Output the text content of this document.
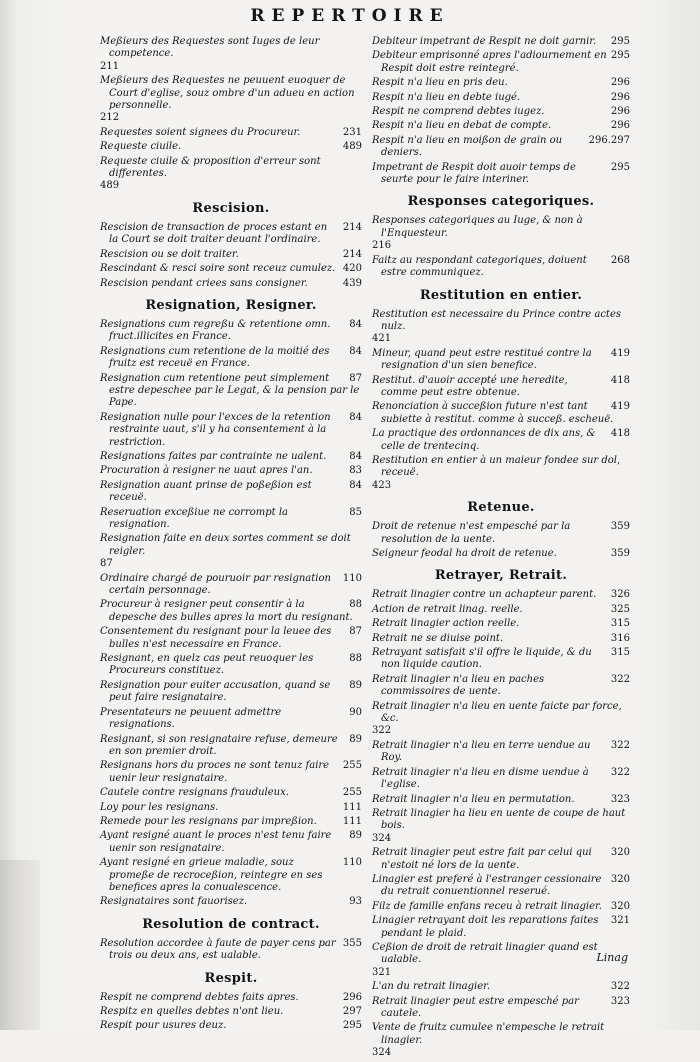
REPERTOIRE
Meßieurs des Requestes sont Iuges de leur competence.
211
Meßieurs des Requestes ne peuuent euoquer de Court d'eglise, souz ombre d'un adueu en action personnelle.
212
231
Requestes soient signees du Procureur.
489
Requeste ciuile.
Requeste ciuile & proposition d'erreur sont differentes.
489
Rescision.
214
Rescision de transaction de proces estant en la Court se doit traiter deuant l'ordinaire.
214
Rescision ou se doit traiter.
420
Rescindant & resci soire sont receuz cumulez.
439
Rescision pendant criees sans consigner.
Resignation, Resigner.
84
Resignations cum regreßu & retentione omn. fruct.illicites en France.
84
Resignations cum retentione de la moitié des fruitz est receuë en France.
87
Resignation cum retentione peut simplement estre depeschee par le Legat, & la pension par le Pape.
84
Resignation nulle pour l'exces de la retention restrainte uaut, s'il y ha consentement à la restriction.
84
Resignations faites par contrainte ne ualent.
83
Procuration à resigner ne uaut apres l'an.
84
Resignation auant prinse de poßeßion est receuë.
85
Reseruation exceßiue ne corrompt la resignation.
Resignation faite en deux sortes comment se doit reigler.
87
110
Ordinaire chargé de pouruoir par resignation certain personnage.
88
Procureur à resigner peut consentir à la depesche des bulles apres la mort du resignant.
87
Consentement du resignant pour la leuee des bulles n'est necessaire en France.
88
Resignant, en quelz cas peut reuoquer les Procureurs constituez.
89
Resignation pour euiter accusation, quand se peut faire resignataire.
90
Presentateurs ne peuuent admettre resignations.
89
Resignant, si son resignataire refuse, demeure en son premier droit.
255
Resignans hors du proces ne sont tenuz faire uenir leur resignataire.
255
Cautele contre resignans frauduleux.
111
Loy pour les resignans.
111
Remede pour les resignans par impreßion.
89
Ayant resigné auant le proces n'est tenu faire uenir son resignataire.
110
Ayant resigné en grieue maladie, souz promeße de recroceßion, reintegre en ses benefices apres la conualescence.
93
Resignataires sont fauorisez.
Resolution de contract.
355
Resolution accordee à faute de payer cens par trois ou deux ans, est ualable.
Respit.
296
Respit ne comprend debtes faits apres.
297
Respitz en quelles debtes n'ont lieu.
295
Respit pour usures deuz.
295
Debiteur impetrant de Respit ne doit garnir.
295
Debiteur emprisonné apres l'adiournement en Respit doit estre reintegré.
296
Respit n'a lieu en pris deu.
296
Respit n'a lieu en debte iugé.
296
Respit ne comprend debtes iugez.
296
Respit n'a lieu en debat de compte.
296.297
Respit n'a lieu en moißon de grain ou deniers.
295
Impetrant de Respit doit auoir temps de seurte pour le faire interiner.
Responses categoriques.
Responses categoriques au Iuge, & non à l'Enquesteur.
216
268
Faitz au respondant categoriques, doiuent estre communiquez.
Restitution en entier.
Restitution est necessaire du Prince contre actes nulz.
421
419
Mineur, quand peut estre restitué contre la resignation d'un sien benefice.
418
Restitut. d'auoir accepté une heredite, comme peut estre obtenue.
419
Renonciation à succeßion future n'est tant subiette à restitut. comme à succeß. escheuë.
418
La practique des ordonnances de dix ans, & celle de trentecinq.
Restitution en entier à un maieur fondee sur dol, receuë.
423
Retenue.
359
Droit de retenue n'est empesché par la resolution de la uente.
359
Seigneur feodal ha droit de retenue.
Retrayer, Retrait.
326
Retrait linagier contre un achapteur parent.
325
Action de retrait linag. reelle.
315
Retrait linagier action reelle.
316
Retrait ne se diuise point.
315
Retrayant satisfait s'il offre le liquide, & du non liquide caution.
322
Retrait linagier n'a lieu en paches commissoires de uente.
Retrait linagier n'a lieu en uente faicte par force, &c.
322
322
Retrait linagier n'a lieu en terre uendue au Roy.
322
Retrait linagier n'a lieu en disme uendue à l'eglise.
323
Retrait linagier n'a lieu en permutation.
Retrait linagier ha lieu en uente de coupe de haut bois.
324
320
Retrait linagier peut estre fait par celui qui n'estoit né lors de la uente.
320
Linagier est preferé à l'estranger cessionaire du retrait conuentionnel reserué.
320
Filz de famille enfans receu à retrait linagier.
321
Linagier retrayant doit les reparations faites pendant le plaid.
Ceßion de droit de retrait linagier quand est ualable.
321
322
L'an du retrait linagier.
323
Retrait linagier peut estre empesché par cautele.
Vente de fruitz cumulee n'empesche le retrait linagier.
324
Linag
